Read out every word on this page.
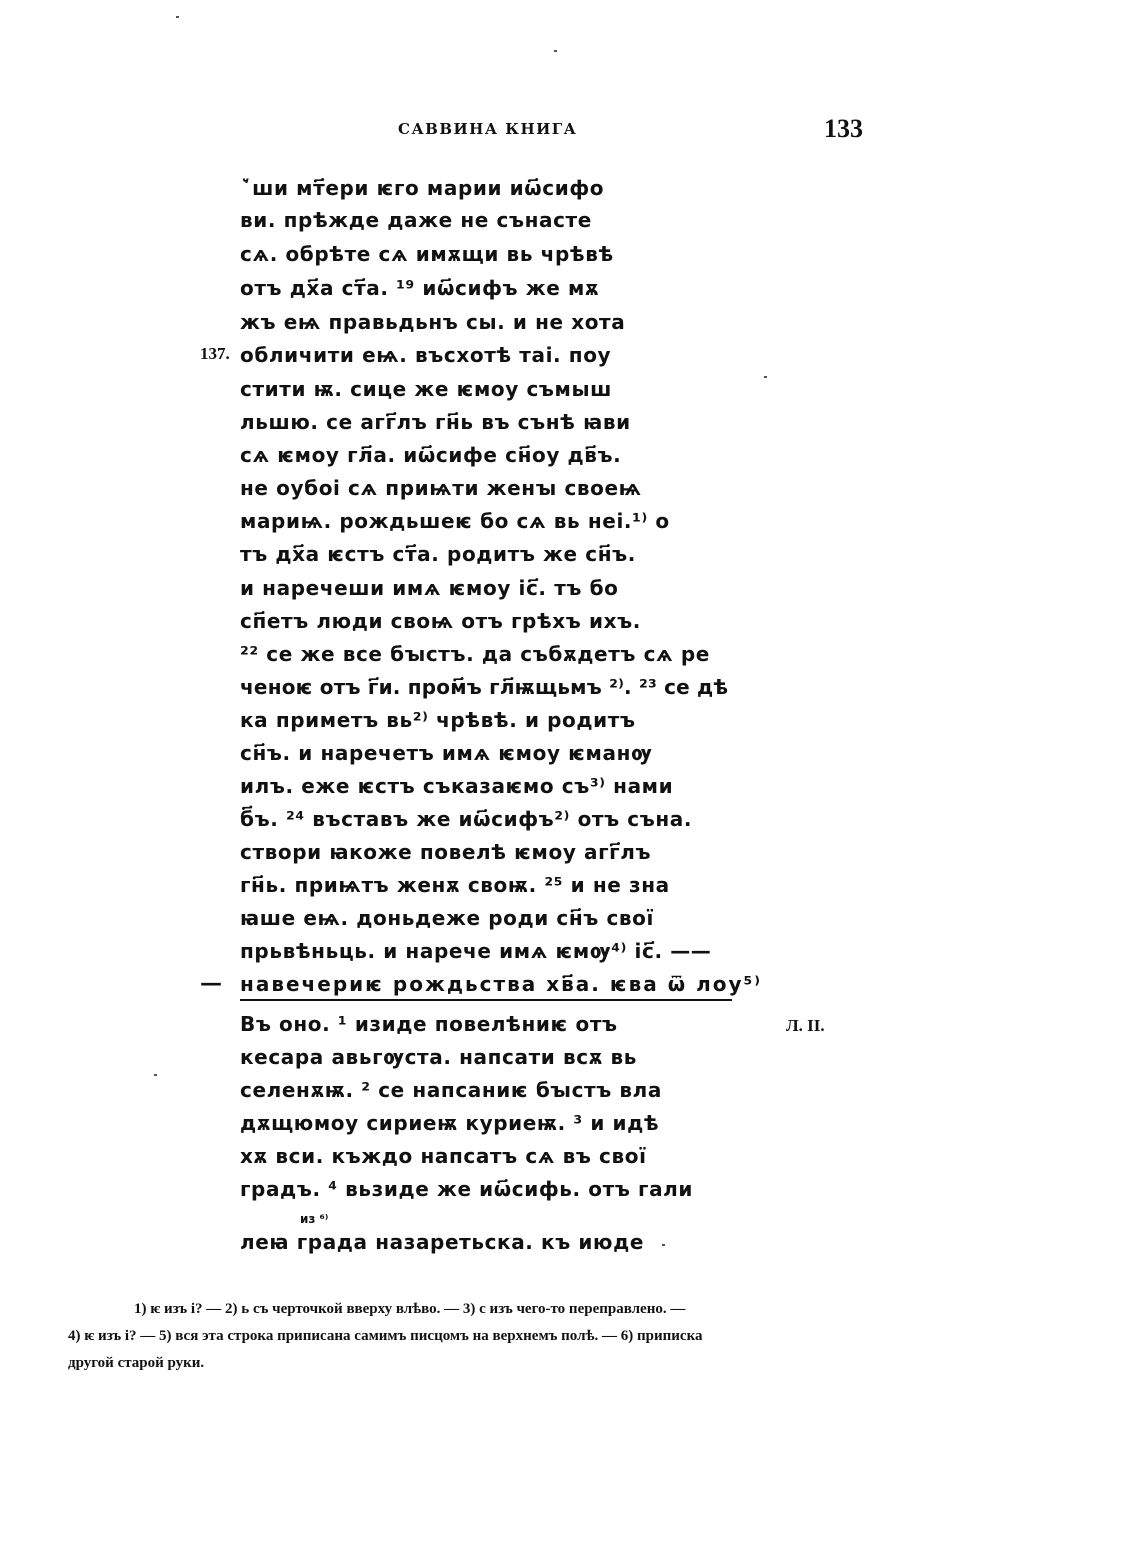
САВВИНА КНИГА	133
137.
ꙿши мт҃ери ѥго марии иѡ҃сифо
ви. прѣжде даже не сънасте
сѧ. обрѣте сѧ имѫщи вь чрѣвѣ
отъ дх҃а ст҃а. ¹⁹ иѡ҃сифъ же мѫ
жъ еѩ правьдьнъ сы. и не хота
обличити еѩ. въсхотѣ таі. поу
стити ѭ. сице же ѥмоу съмыш
льшю. се агг҃лъ гн҃ь въ сънѣ ꙗви
сѧ ѥмоу гл҃а. иѡ҃сифе сн҃оу дв҃ъ.
не оубоі сѧ приѩти женꙑ своеѩ
мариѩ. рождьшеѥ бо сѧ вь неі.¹⁾ о
тъ дх҃а ѥстъ ст҃а. родитъ же сн҃ъ.
и наречеши имѧ ѥмоу іс҃. тъ бо
сп҃етъ люди своѩ отъ грѣхъ ихъ.
²² се же все бꙑстъ. да събѫдетъ сѧ ре
ченоѥ отъ г҃и. пром҃ъ гл҃ѭщьмъ ²⁾. ²³ се дѣ
ка приметъ вь²⁾ чрѣвѣ. и родитъ
сн҃ъ. и наречетъ имѧ ѥмоу ѥманѹ
илъ. еже ѥстъ съказаѥмо съ³⁾ нами
б҃ъ. ²⁴ въставъ же иѡ҃сифъ²⁾ отъ съна.
створи ꙗкоже повелѣ ѥмоу агг҃лъ
гн҃ь. приѩтъ женѫ своѭ. ²⁵ и не зна
ꙗше еѩ. доньдеже роди сн҃ъ свої
прьвѣньць. и нарече имѧ ѥмѹ⁴⁾ іс҃. ——
навечериѥ рождьства хв҃а. ѥва ѿ лоу⁵⁾
Въ оно. ¹ изиде повелѣниѥ отъ
кесара авьгѹста. напсати всѫ вь
селенѫѭ. ² се напсаниѥ бꙑстъ вла
дѫщюмоу сириеѭ куриеѭ. ³ и идѣ
хѫ вси. къждо напсатъ сѧ въ свої
градъ. ⁴ вьзиде же иѡ҃сифь. отъ гали
леꙗ града назаретьска. къ июде
—
Л. II.
из ⁶⁾
1) ѥ изъ і? — 2) ь съ черточкой вверху влѣво. — 3) с изъ чего-то переправлено. —
4) ѥ изъ і? — 5) вся эта строка приписана самимъ писцомъ на верхнемъ полѣ. — 6) приписка
другой старой руки.
